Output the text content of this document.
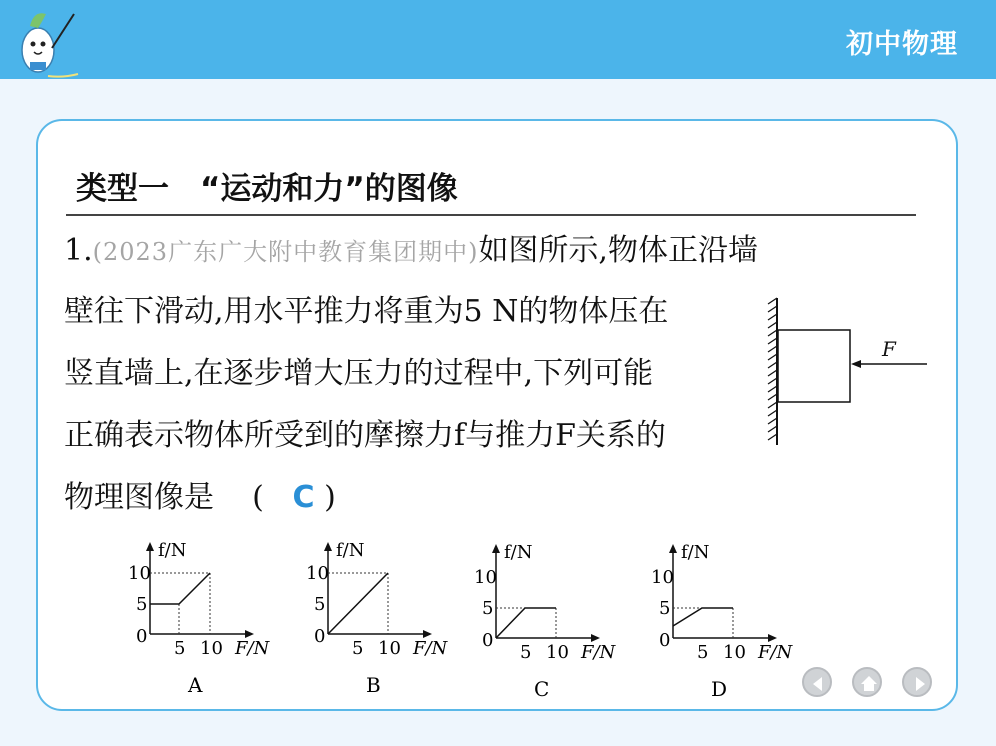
初中物理
类型一　“运动和力”的图像
1.(2023广东广大附中教育集团期中)如图所示,物体正沿墙
壁往下滑动,用水平推力将重为5 N的物体压在
竖直墙上,在逐步增大压力的过程中,下列可能
正确表示物体所受到的摩擦力f与推力F关系的
物理图像是 ( C )
F
f/N
10
5
0
5 10 F/N
A
f/N
10
5
0
5 10 F/N
B
f/N
10
5
0
5 10 F/N
C
f/N
10
5
0
5 10 F/N
D
